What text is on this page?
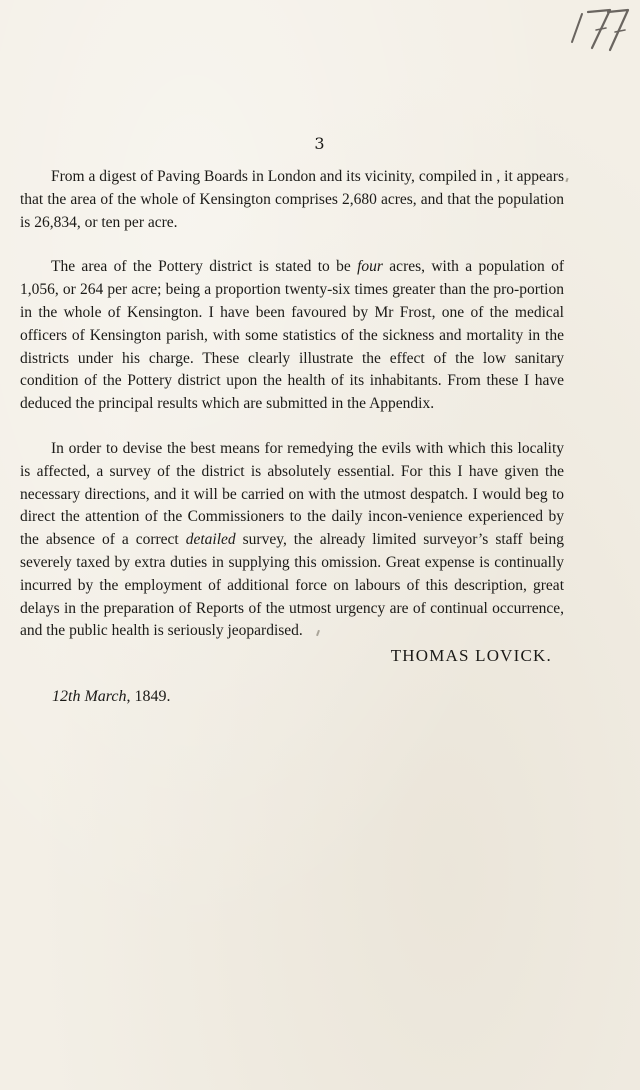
3

From a digest of Paving Boards in London and its vicinity, compiled in , it appears that the area of the whole of Kensington comprises 2,680 acres, and that the population is 26,834, or ten per acre.

The area of the Pottery district is stated to be four acres, with a population of 1,056, or 264 per acre; being a proportion twenty-six times greater than the pro-portion in the whole of Kensington. I have been favoured by Mr Frost, one of the medical officers of Kensington parish, with some statistics of the sickness and mortality in the districts under his charge. These clearly illustrate the effect of the low sanitary condition of the Pottery district upon the health of its inhabitants. From these I have deduced the principal results which are submitted in the Appendix.

In order to devise the best means for remedying the evils with which this locality is affected, a survey of the district is absolutely essential. For this I have given the necessary directions, and it will be carried on with the utmost despatch. I would beg to direct the attention of the Commissioners to the daily incon-venience experienced by the absence of a correct detailed survey, the already limited surveyor’s staff being severely taxed by extra duties in supplying this omission. Great expense is continually incurred by the employment of additional force on labours of this description, great delays in the preparation of Reports of the utmost urgency are of continual occurrence, and the public health is seriously jeopardised.

THOMAS LOVICK.
12th March, 1849.
